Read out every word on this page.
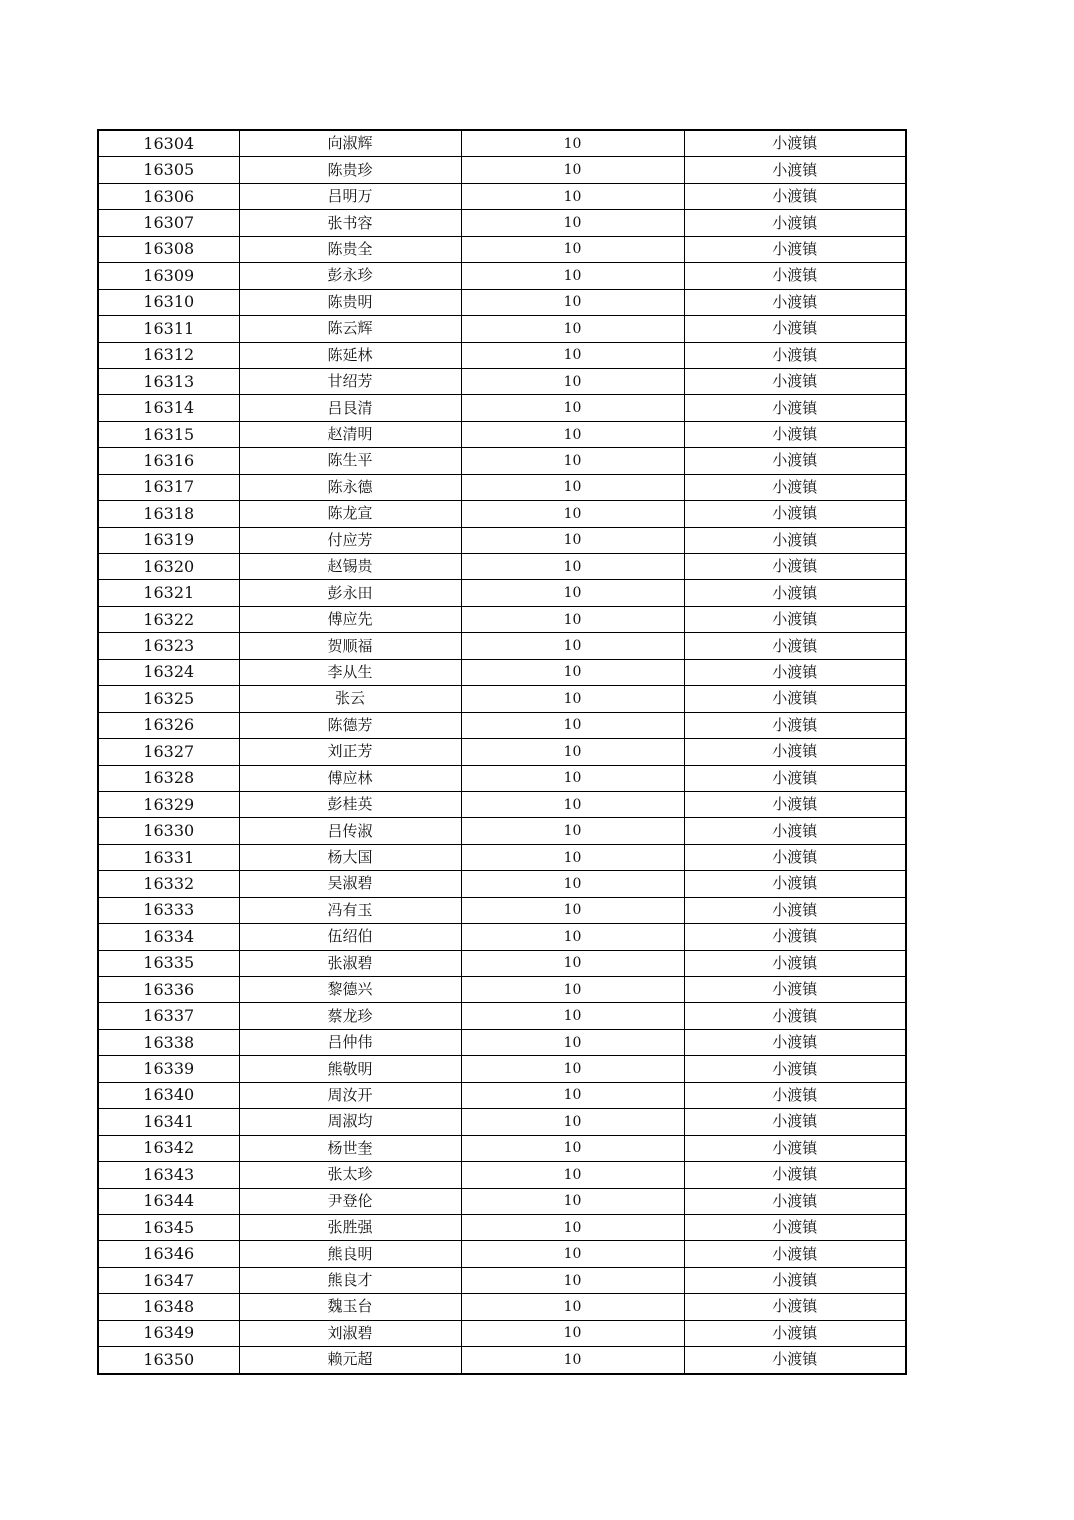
16304	向淑辉	10	小渡镇
16305	陈贵珍	10	小渡镇
16306	吕明万	10	小渡镇
16307	张书容	10	小渡镇
16308	陈贵全	10	小渡镇
16309	彭永珍	10	小渡镇
16310	陈贵明	10	小渡镇
16311	陈云辉	10	小渡镇
16312	陈延林	10	小渡镇
16313	甘绍芳	10	小渡镇
16314	吕艮清	10	小渡镇
16315	赵清明	10	小渡镇
16316	陈生平	10	小渡镇
16317	陈永德	10	小渡镇
16318	陈龙宣	10	小渡镇
16319	付应芳	10	小渡镇
16320	赵锡贵	10	小渡镇
16321	彭永田	10	小渡镇
16322	傅应先	10	小渡镇
16323	贺顺福	10	小渡镇
16324	李从生	10	小渡镇
16325	张云	10	小渡镇
16326	陈德芳	10	小渡镇
16327	刘正芳	10	小渡镇
16328	傅应林	10	小渡镇
16329	彭桂英	10	小渡镇
16330	吕传淑	10	小渡镇
16331	杨大国	10	小渡镇
16332	吴淑碧	10	小渡镇
16333	冯有玉	10	小渡镇
16334	伍绍伯	10	小渡镇
16335	张淑碧	10	小渡镇
16336	黎德兴	10	小渡镇
16337	蔡龙珍	10	小渡镇
16338	吕仲伟	10	小渡镇
16339	熊敬明	10	小渡镇
16340	周汝开	10	小渡镇
16341	周淑均	10	小渡镇
16342	杨世奎	10	小渡镇
16343	张太珍	10	小渡镇
16344	尹登伦	10	小渡镇
16345	张胜强	10	小渡镇
16346	熊良明	10	小渡镇
16347	熊良才	10	小渡镇
16348	魏玉台	10	小渡镇
16349	刘淑碧	10	小渡镇
16350	赖元超	10	小渡镇
